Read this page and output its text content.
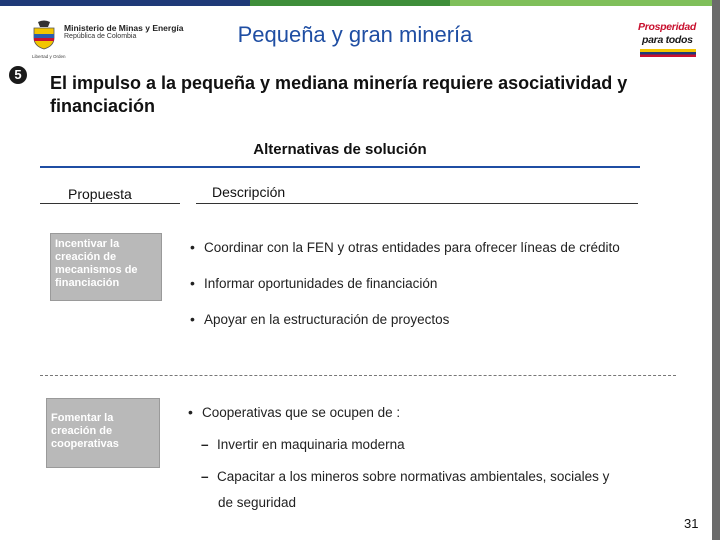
Ministerio de Minas y Energía
República de Colombia
Libertad y Orden
Pequeña y gran minería	Prosperidad
para todos
5 El impulso a la pequeña y mediana minería requiere asociatividad y financiación
Alternativas de solución
Propuesta	Descripción
Incentivar la creación de mecanismos de financiación
• Coordinar con la FEN y otras entidades para ofrecer líneas de crédito
• Informar oportunidades de financiación
• Apoyar en la estructuración de proyectos
Fomentar la creación de cooperativas
• Cooperativas que se ocupen de :
– Invertir en maquinaria moderna
– Capacitar a los mineros sobre normativas ambientales, sociales y
de seguridad
31
